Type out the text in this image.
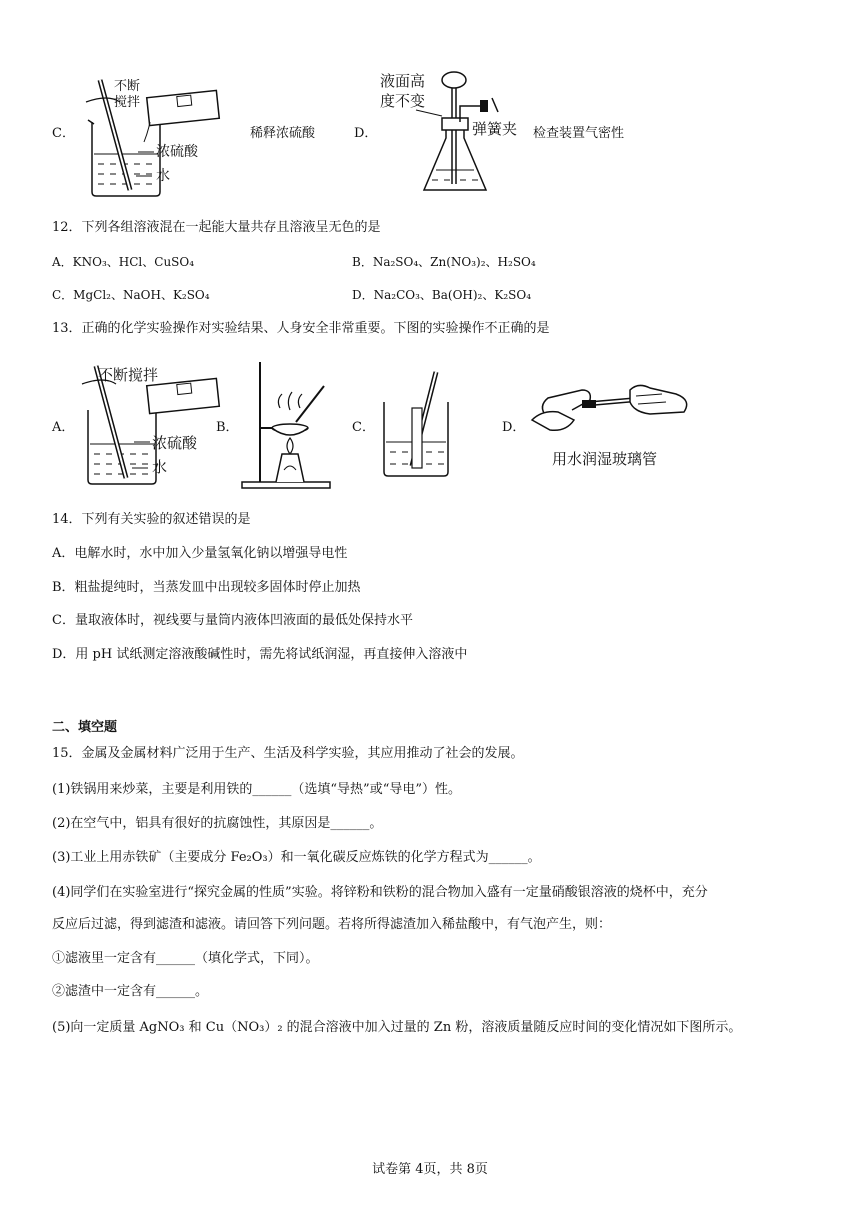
C．
不断
搅拌
浓硫酸
水
稀释浓硫酸	D．
液面高
度不变
弹簧夹 检查装置气密性
12．下列各组溶液混在一起能大量共存且溶液呈无色的是
A．KNO₃、HCl、CuSO₄	B．Na₂SO₄、Zn(NO₃)₂、H₂SO₄
C．MgCl₂、NaOH、K₂SO₄	D．Na₂CO₃、Ba(OH)₂、K₂SO₄
13．正确的化学实验操作对实验结果、人身安全非常重要。下图的实验操作不正确的是
A．
不断搅拌
浓硫酸
水
B．	C．	D．
用水润湿玻璃管
14．下列有关实验的叙述错误的是
A．电解水时，水中加入少量氢氧化钠以增强导电性
B．粗盐提纯时，当蒸发皿中出现较多固体时停止加热
C．量取液体时，视线要与量筒内液体凹液面的最低处保持水平
D．用 pH 试纸测定溶液酸碱性时，需先将试纸润湿，再直接伸入溶液中
二、填空题
15．金属及金属材料广泛用于生产、生活及科学实验，其应用推动了社会的发展。
(1)铁锅用来炒菜，主要是利用铁的______（选填“导热”或“导电”）性。
(2)在空气中，铝具有很好的抗腐蚀性，其原因是______。
(3)工业上用赤铁矿（主要成分 Fe₂O₃）和一氧化碳反应炼铁的化学方程式为______。
(4)同学们在实验室进行“探究金属的性质”实验。将锌粉和铁粉的混合物加入盛有一定量硝酸银溶液的烧杯中，充分
反应后过滤，得到滤渣和滤液。请回答下列问题。若将所得滤渣加入稀盐酸中，有气泡产生，则：
①滤液里一定含有______（填化学式，下同）。
②滤渣中一定含有______。
(5)向一定质量 AgNO₃ 和 Cu（NO₃）₂ 的混合溶液中加入过量的 Zn 粉，溶液质量随反应时间的变化情况如下图所示。
试卷第 4页，共 8页
